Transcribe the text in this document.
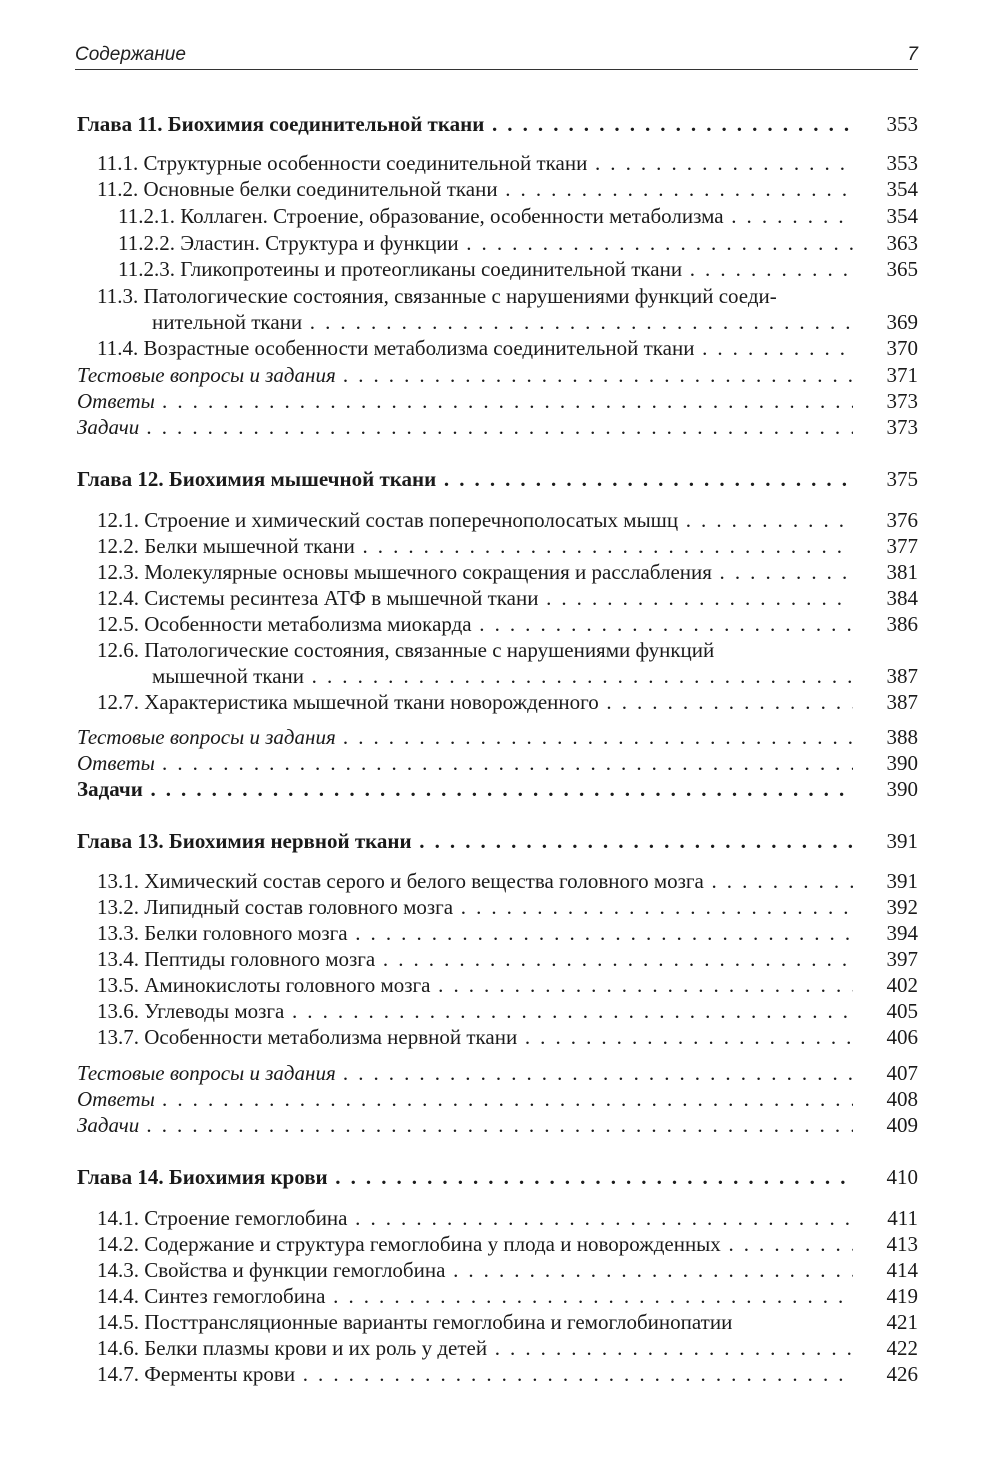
Содержание	7
Глава 11. Биохимия соединительной ткани . . .	353
11.1. Структурные особенности соединительной ткани . . .	353
11.2. Основные белки соединительной ткани . . .	354
11.2.1. Коллаген. Строение, образование, особенности метаболизма . . .	354
11.2.2. Эластин. Структура и функции . . .	363
11.2.3. Гликопротеины и протеогликаны соединительной ткани . . .	365
11.3. Патологические состояния, связанные с нарушениями функций соеди-
нительной ткани . . .	369
11.4. Возрастные особенности метаболизма соединительной ткани . . .	370
Тестовые вопросы и задания . . .	371
Ответы . . .	373
Задачи . . .	373
Глава 12. Биохимия мышечной ткани . . .	375
12.1. Строение и химический состав поперечнополосатых мышц . . .	376
12.2. Белки мышечной ткани . . .	377
12.3. Молекулярные основы мышечного сокращения и расслабления . . .	381
12.4. Системы ресинтеза АТФ в мышечной ткани . . .	384
12.5. Особенности метаболизма миокарда . . .	386
12.6. Патологические состояния, связанные с нарушениями функций
мышечной ткани . . .	387
12.7. Характеристика мышечной ткани новорожденного . . .	387
Тестовые вопросы и задания . . .	388
Ответы . . .	390
Задачи . . .	390
Глава 13. Биохимия нервной ткани . . .	391
13.1. Химический состав серого и белого вещества головного мозга . . .	391
13.2. Липидный состав головного мозга . . .	392
13.3. Белки головного мозга . . .	394
13.4. Пептиды головного мозга . . .	397
13.5. Аминокислоты головного мозга . . .	402
13.6. Углеводы мозга . . .	405
13.7. Особенности метаболизма нервной ткани . . .	406
Тестовые вопросы и задания . . .	407
Ответы . . .	408
Задачи . . .	409
Глава 14. Биохимия крови . . .	410
14.1. Строение гемоглобина . . .	411
14.2. Содержание и структура гемоглобина у плода и новорожденных . . .	413
14.3. Свойства и функции гемоглобина . . .	414
14.4. Синтез гемоглобина . . .	419
14.5. Посттрансляционные варианты гемоглобина и гемоглобинопатии	421
14.6. Белки плазмы крови и их роль у детей . . .	422
14.7. Ферменты крови . . .	426
